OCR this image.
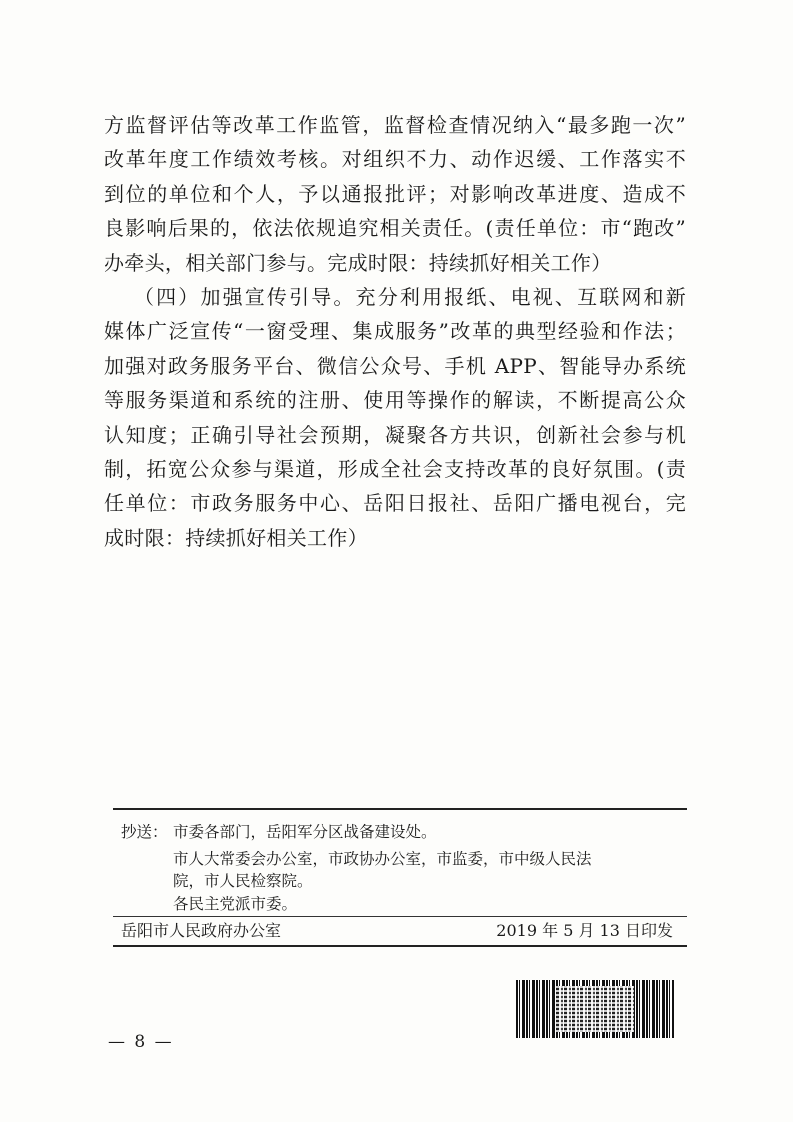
方监督评估等改革工作监管，监督检查情况纳入“最多跑一次”
改革年度工作绩效考核。对组织不力、动作迟缓、工作落实不
到位的单位和个人，予以通报批评；对影响改革进度、造成不
良影响后果的，依法依规追究相关责任。(责任单位：市“跑改”
办牵头，相关部门参与。完成时限：持续抓好相关工作）
（四）加强宣传引导。充分利用报纸、电视、互联网和新
媒体广泛宣传“一窗受理、集成服务”改革的典型经验和作法；
加强对政务服务平台、微信公众号、手机 APP、智能导办系统
等服务渠道和系统的注册、使用等操作的解读，不断提高公众
认知度；正确引导社会预期，凝聚各方共识，创新社会参与机
制，拓宽公众参与渠道，形成全社会支持改革的良好氛围。(责
任单位：市政务服务中心、岳阳日报社、岳阳广播电视台，完
成时限：持续抓好相关工作）
抄送： 市委各部门，岳阳军分区战备建设处。
市人大常委会办公室，市政协办公室，市监委，市中级人民法
院，市人民检察院。
各民主党派市委。
岳阳市人民政府办公室	2019 年 5 月 13 日印发
— 8 —
